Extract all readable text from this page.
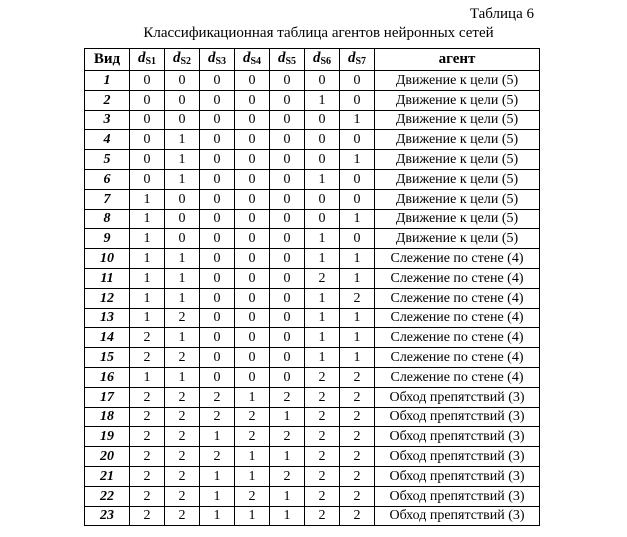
Таблица 6
Классификационная таблица агентов нейронных сетей
Вид	$d_{S1}$	$d_{S2}$	$d_{S3}$	$d_{S4}$	$d_{S5}$	$d_{S6}$	$d_{S7}$	агент
1	0	0	0	0	0	0	0	Движение к цели (5)
2	0	0	0	0	0	1	0	Движение к цели (5)
3	0	0	0	0	0	0	1	Движение к цели (5)
4	0	1	0	0	0	0	0	Движение к цели (5)
5	0	1	0	0	0	0	1	Движение к цели (5)
6	0	1	0	0	0	1	0	Движение к цели (5)
7	1	0	0	0	0	0	0	Движение к цели (5)
8	1	0	0	0	0	0	1	Движение к цели (5)
9	1	0	0	0	0	1	0	Движение к цели (5)
10	1	1	0	0	0	1	1	Слежение по стене (4)
11	1	1	0	0	0	2	1	Слежение по стене (4)
12	1	1	0	0	0	1	2	Слежение по стене (4)
13	1	2	0	0	0	1	1	Слежение по стене (4)
14	2	1	0	0	0	1	1	Слежение по стене (4)
15	2	2	0	0	0	1	1	Слежение по стене (4)
16	1	1	0	0	0	2	2	Слежение по стене (4)
17	2	2	2	1	2	2	2	Обход препятствий (3)
18	2	2	2	2	1	2	2	Обход препятствий (3)
19	2	2	1	2	2	2	2	Обход препятствий (3)
20	2	2	2	1	1	2	2	Обход препятствий (3)
21	2	2	1	1	2	2	2	Обход препятствий (3)
22	2	2	1	2	1	2	2	Обход препятствий (3)
23	2	2	1	1	1	2	2	Обход препятствий (3)
